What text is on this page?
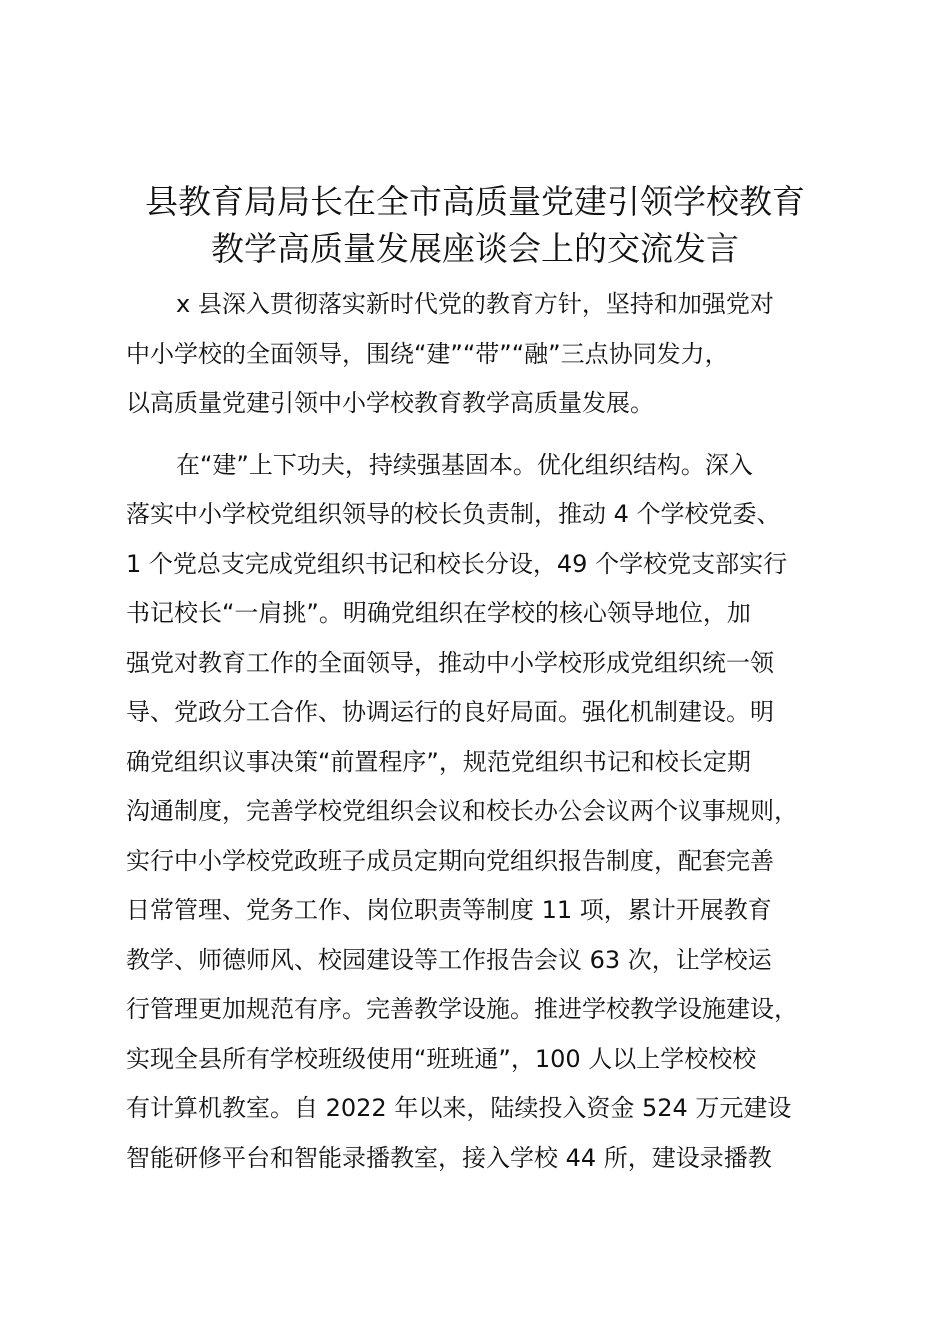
县教育局局长在全市高质量党建引领学校教育
教学高质量发展座谈会上的交流发言
x 县深入贯彻落实新时代党的教育方针，坚持和加强党对
中小学校的全面领导，围绕“建”“带”“融”三点协同发力，
以高质量党建引领中小学校教育教学高质量发展。
在“建”上下功夫，持续强基固本。优化组织结构。深入
落实中小学校党组织领导的校长负责制，推动 4 个学校党委、
1 个党总支完成党组织书记和校长分设，49 个学校党支部实行
书记校长“一肩挑”。明确党组织在学校的核心领导地位，加
强党对教育工作的全面领导，推动中小学校形成党组织统一领
导、党政分工合作、协调运行的良好局面。强化机制建设。明
确党组织议事决策“前置程序”，规范党组织书记和校长定期
沟通制度，完善学校党组织会议和校长办公会议两个议事规则，
实行中小学校党政班子成员定期向党组织报告制度，配套完善
日常管理、党务工作、岗位职责等制度 11 项，累计开展教育
教学、师德师风、校园建设等工作报告会议 63 次，让学校运
行管理更加规范有序。完善教学设施。推进学校教学设施建设，
实现全县所有学校班级使用“班班通”，100 人以上学校校校
有计算机教室。自 2022 年以来，陆续投入资金 524 万元建设
智能研修平台和智能录播教室，接入学校 44 所，建设录播教
